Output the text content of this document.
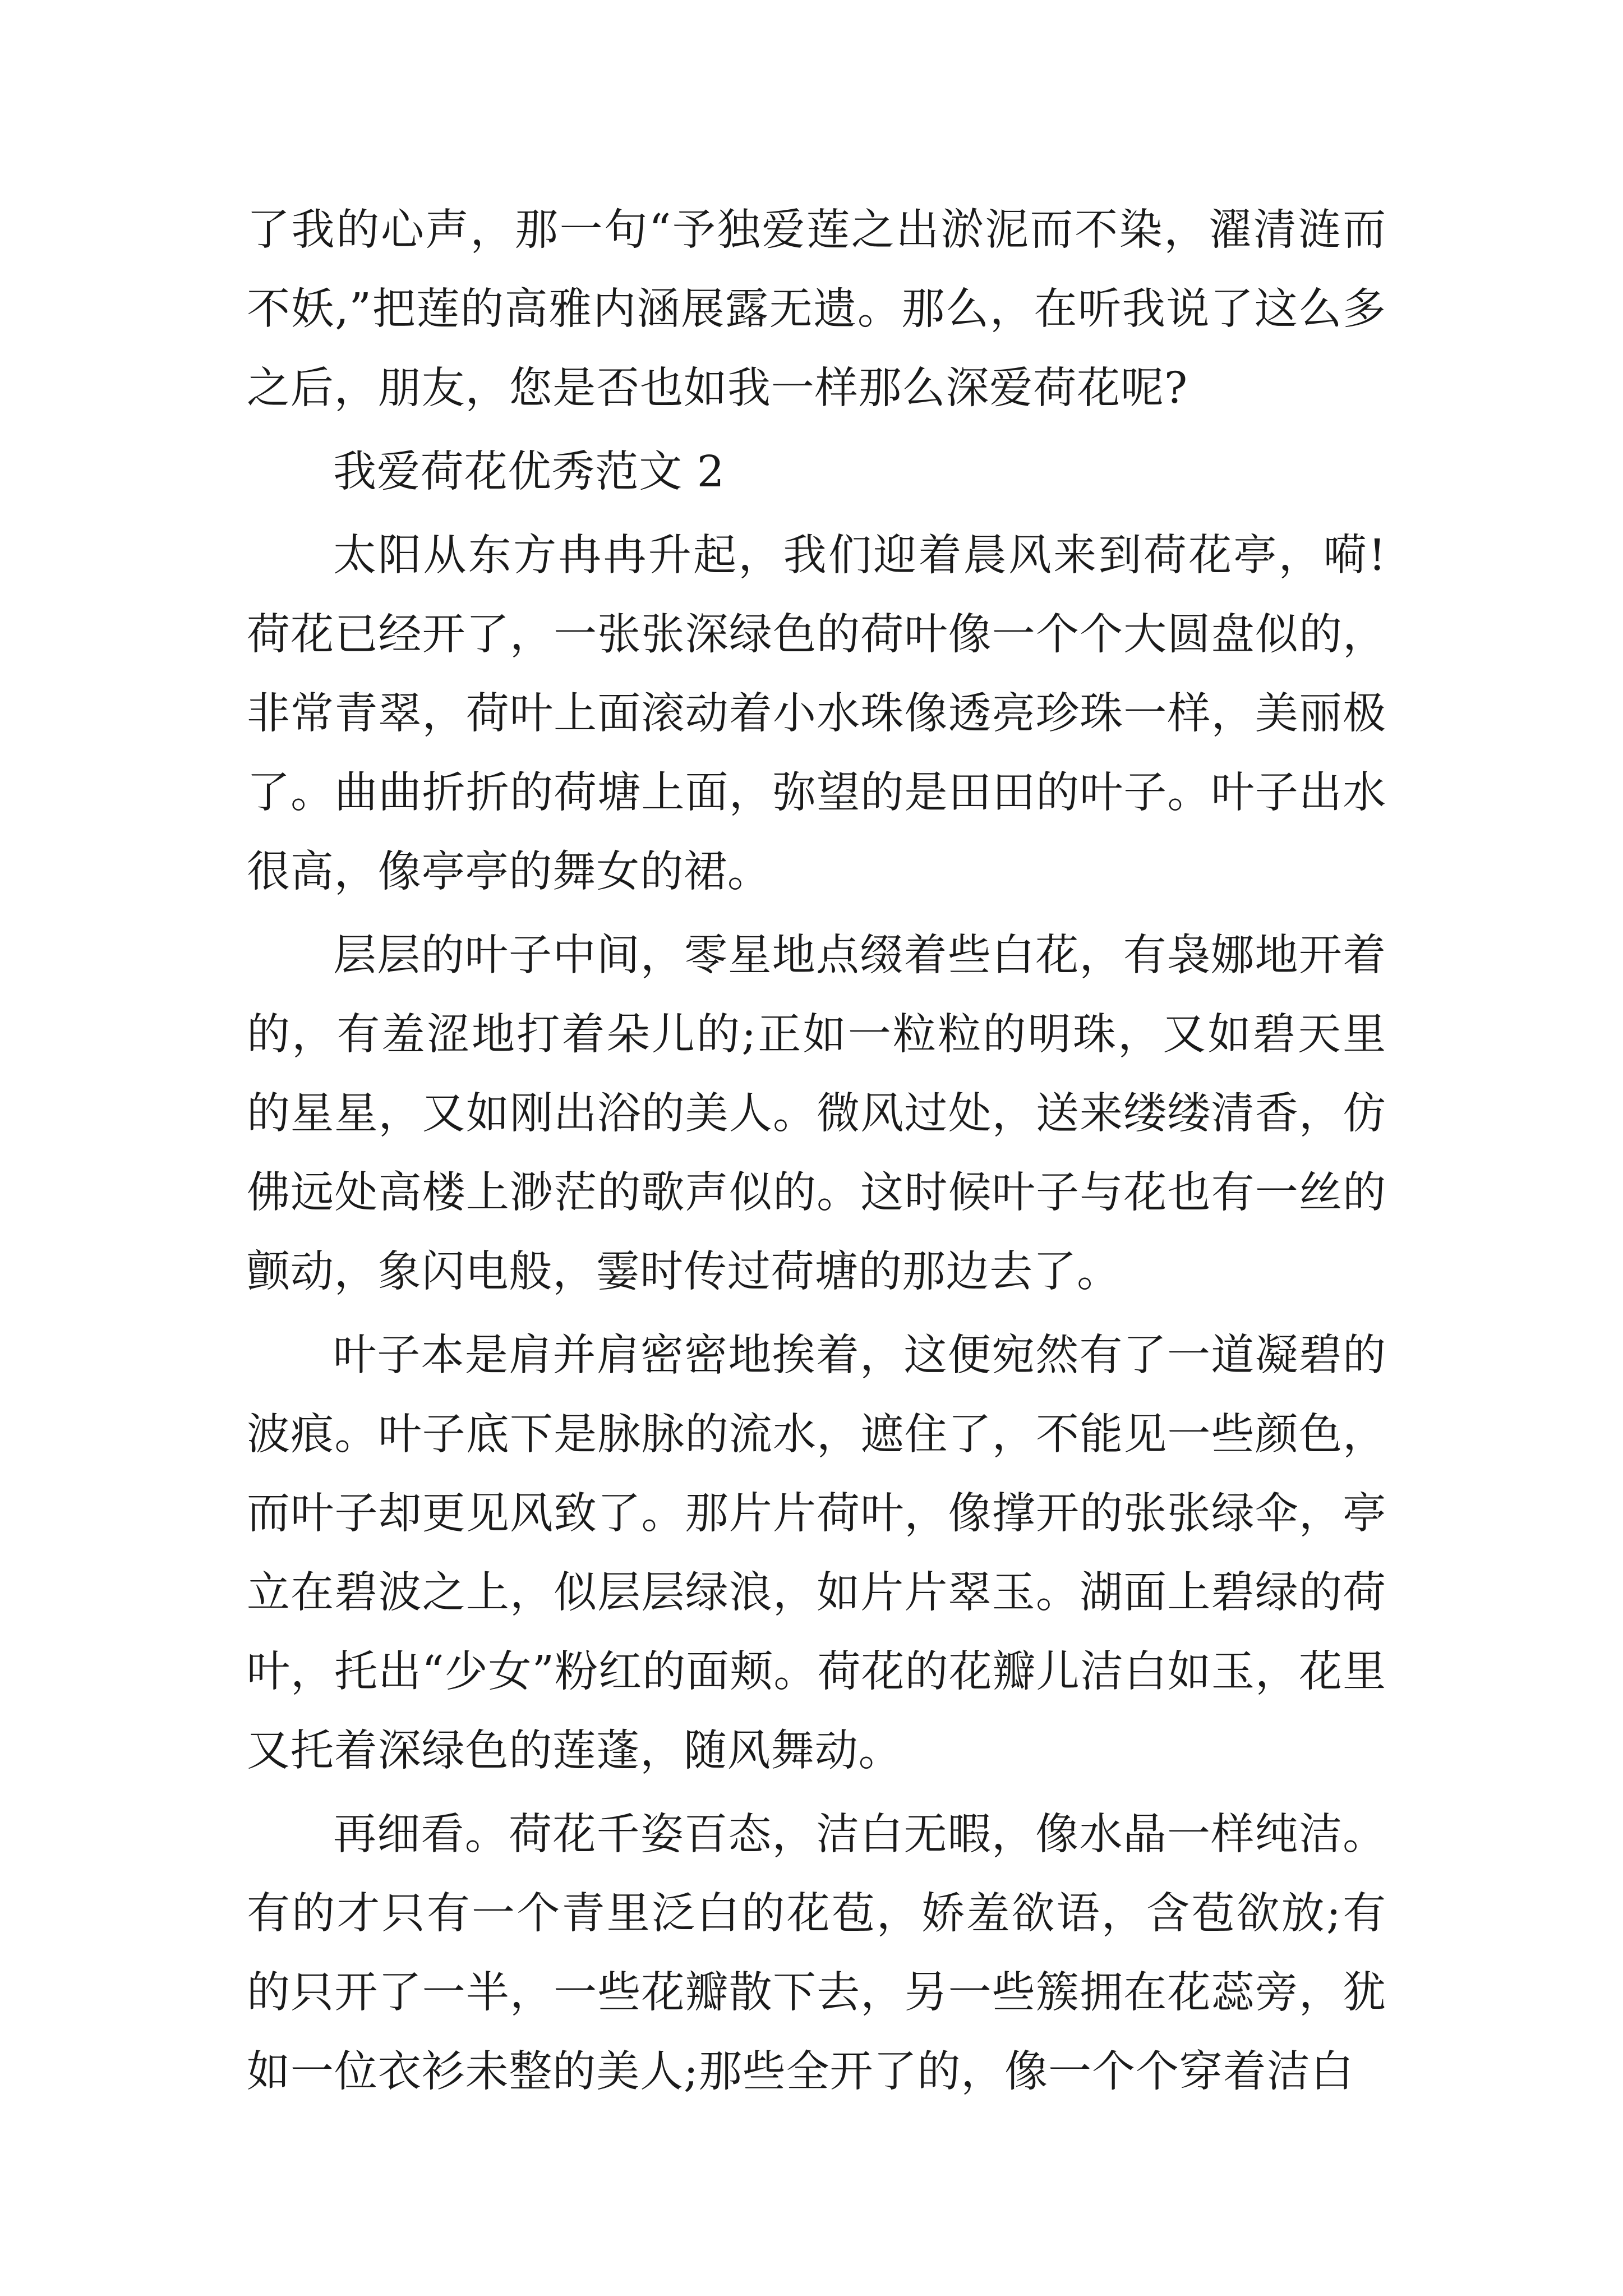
了我的心声，那一句“予独爱莲之出淤泥而不染，濯清涟而不妖,”把莲的高雅内涵展露无遗。那么，在听我说了这么多之后，朋友，您是否也如我一样那么深爱荷花呢?

我爱荷花优秀范文 2

太阳从东方冉冉升起，我们迎着晨风来到荷花亭，嗬!荷花已经开了，一张张深绿色的荷叶像一个个大圆盘似的，非常青翠，荷叶上面滚动着小水珠像透亮珍珠一样，美丽极了。曲曲折折的荷塘上面，弥望的是田田的叶子。叶子出水很高，像亭亭的舞女的裙。

层层的叶子中间，零星地点缀着些白花，有袅娜地开着的，有羞涩地打着朵儿的;正如一粒粒的明珠，又如碧天里的星星，又如刚出浴的美人。微风过处，送来缕缕清香，仿佛远处高楼上渺茫的歌声似的。这时候叶子与花也有一丝的颤动，象闪电般，霎时传过荷塘的那边去了。

叶子本是肩并肩密密地挨着，这便宛然有了一道凝碧的波痕。叶子底下是脉脉的流水，遮住了，不能见一些颜色，而叶子却更见风致了。那片片荷叶，像撑开的张张绿伞，亭立在碧波之上，似层层绿浪，如片片翠玉。湖面上碧绿的荷叶，托出“少女”粉红的面颊。荷花的花瓣儿洁白如玉，花里又托着深绿色的莲蓬，随风舞动。

再细看。荷花千姿百态，洁白无暇，像水晶一样纯洁。有的才只有一个青里泛白的花苞，娇羞欲语，含苞欲放;有的只开了一半，一些花瓣散下去，另一些簇拥在花蕊旁，犹如一位衣衫未整的美人;那些全开了的，像一个个穿着洁白
